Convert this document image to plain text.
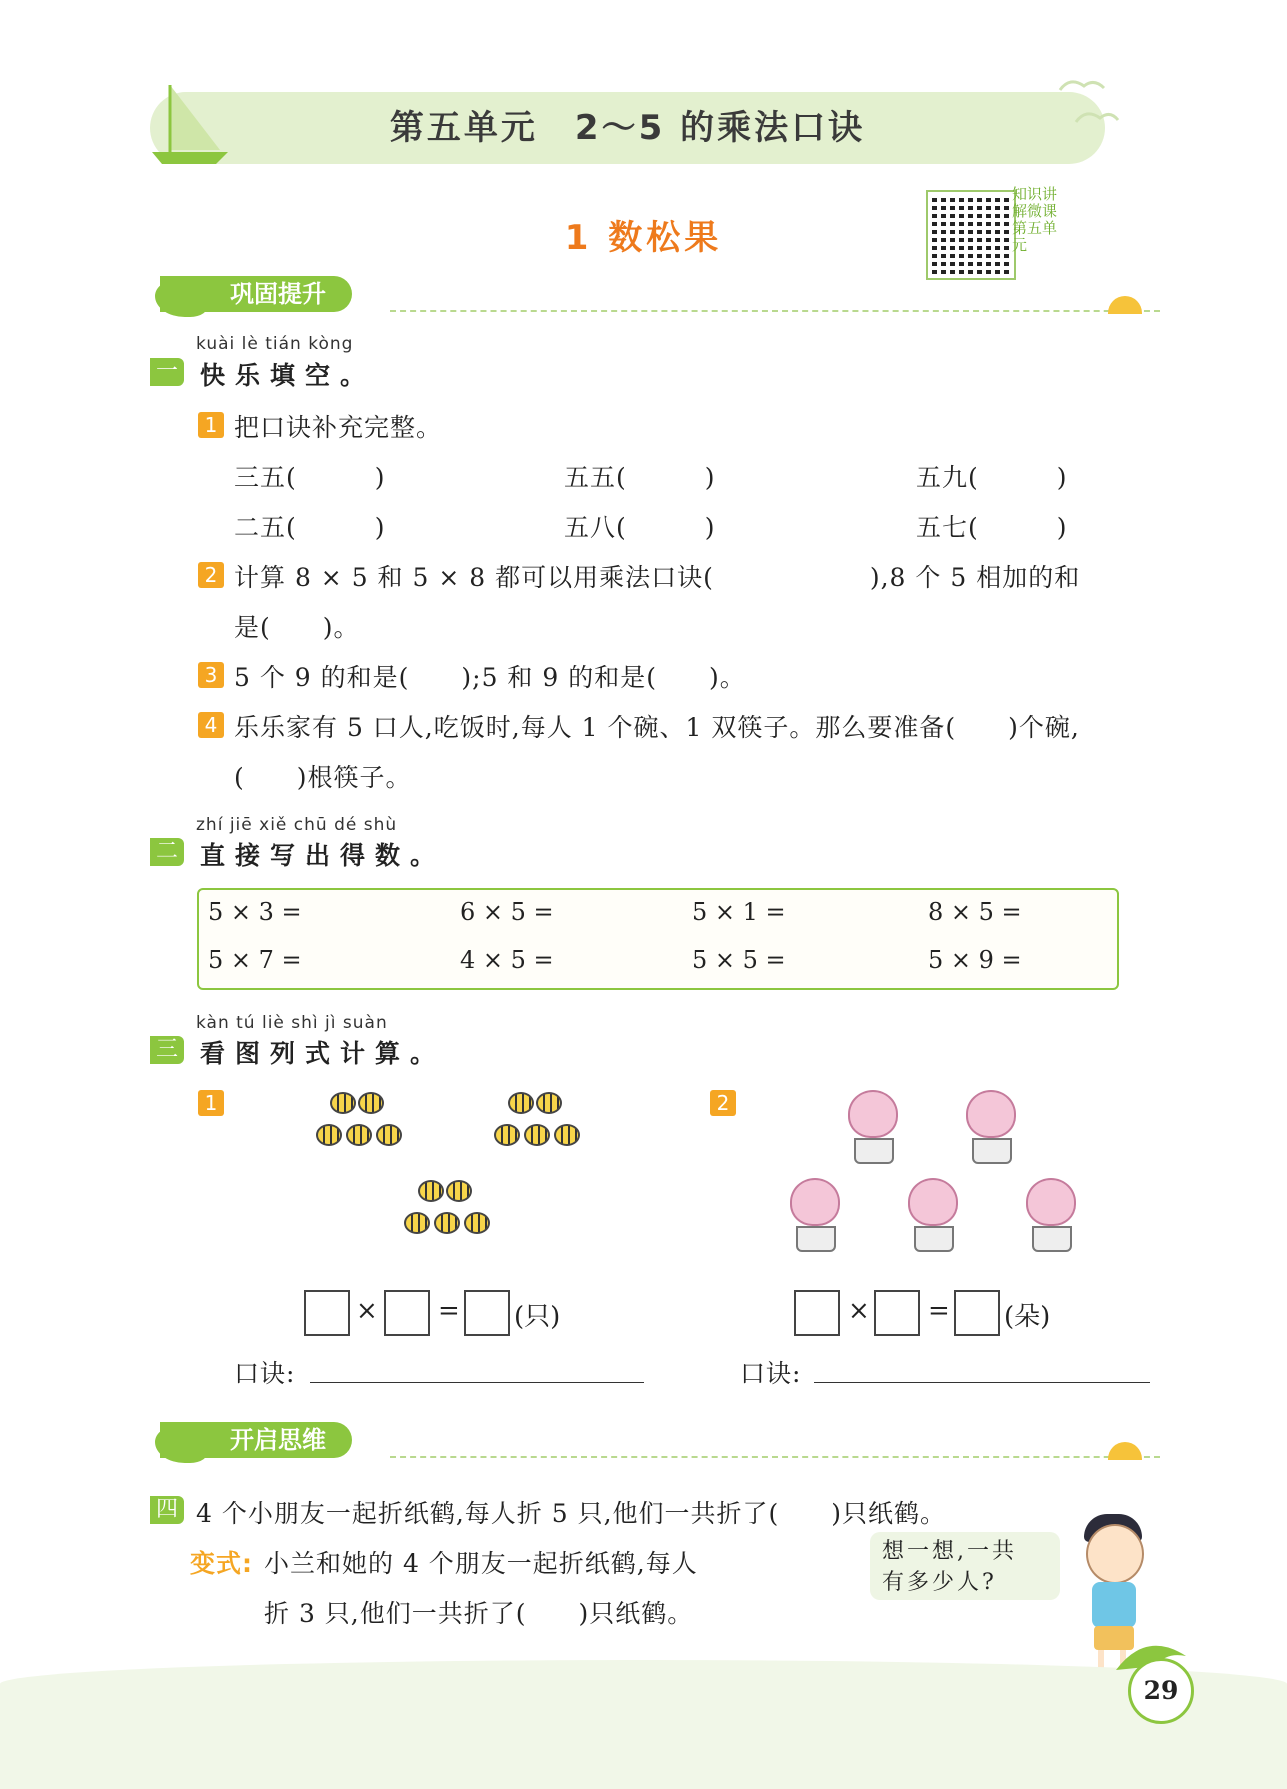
第五单元　2～5 的乘法口诀
1 数松果
知识讲解微课第五单元
巩固提升
kuài lè tián kòng
一 快乐填空。
1 把口诀补充完整。
三五(　　　)	五五(　　　)	五九(　　　)
二五(　　　)	五八(　　　)	五七(　　　)
2 计算 8 × 5 和 5 × 8 都可以用乘法口诀(　　　　　　),8 个 5 相加的和
是(　　)。
3 5 个 9 的和是(　　);5 和 9 的和是(　　)。
4 乐乐家有 5 口人,吃饭时,每人 1 个碗、1 双筷子。那么要准备(　　)个碗,
(　　)根筷子。
zhí jiē xiě chū dé shù
二 直接写出得数。
5 × 3 =	6 × 5 =	5 × 1 =	8 × 5 =
5 × 7 =	4 × 5 =	5 × 5 =	5 × 9 =
kàn tú liè shì jì suàn
三 看图列式计算。
1	2
× = (只)
口诀:
× = (朵)
口诀:
开启思维
四 4 个小朋友一起折纸鹤,每人折 5 只,他们一共折了(　　)只纸鹤。
变式: 小兰和她的 4 个朋友一起折纸鹤,每人
折 3 只,他们一共折了(　　)只纸鹤。
想一想,一共
有多少人?
29
